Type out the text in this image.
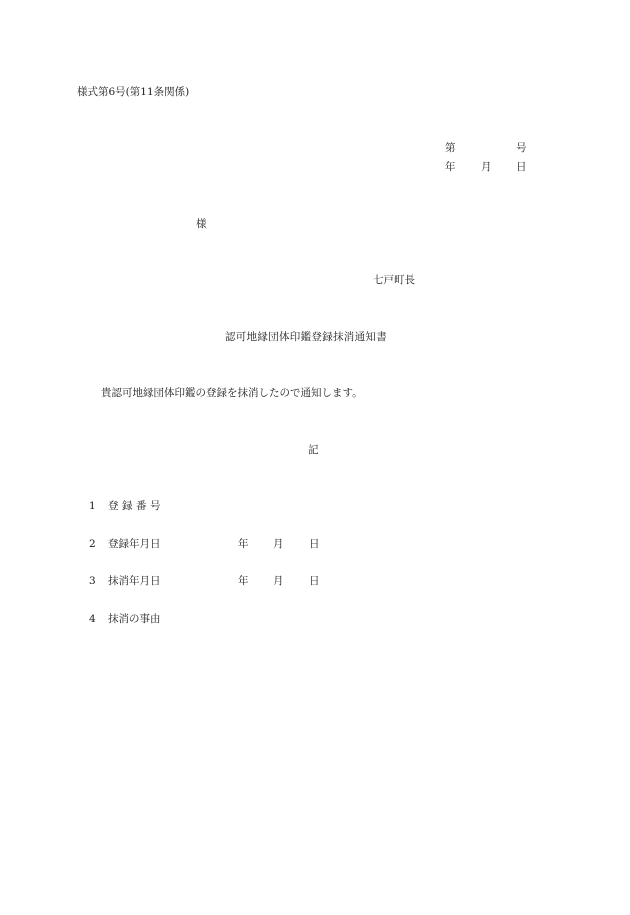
様式第6号(第11条関係)
第	号
年 月 日
様
七戸町長
認可地縁団体印鑑登録抹消通知書
貴認可地縁団体印鑑の登録を抹消したので通知します。
記
1 登録番号
2 登録年月日	年 月 日
3 抹消年月日	年 月 日
4 抹消の事由
